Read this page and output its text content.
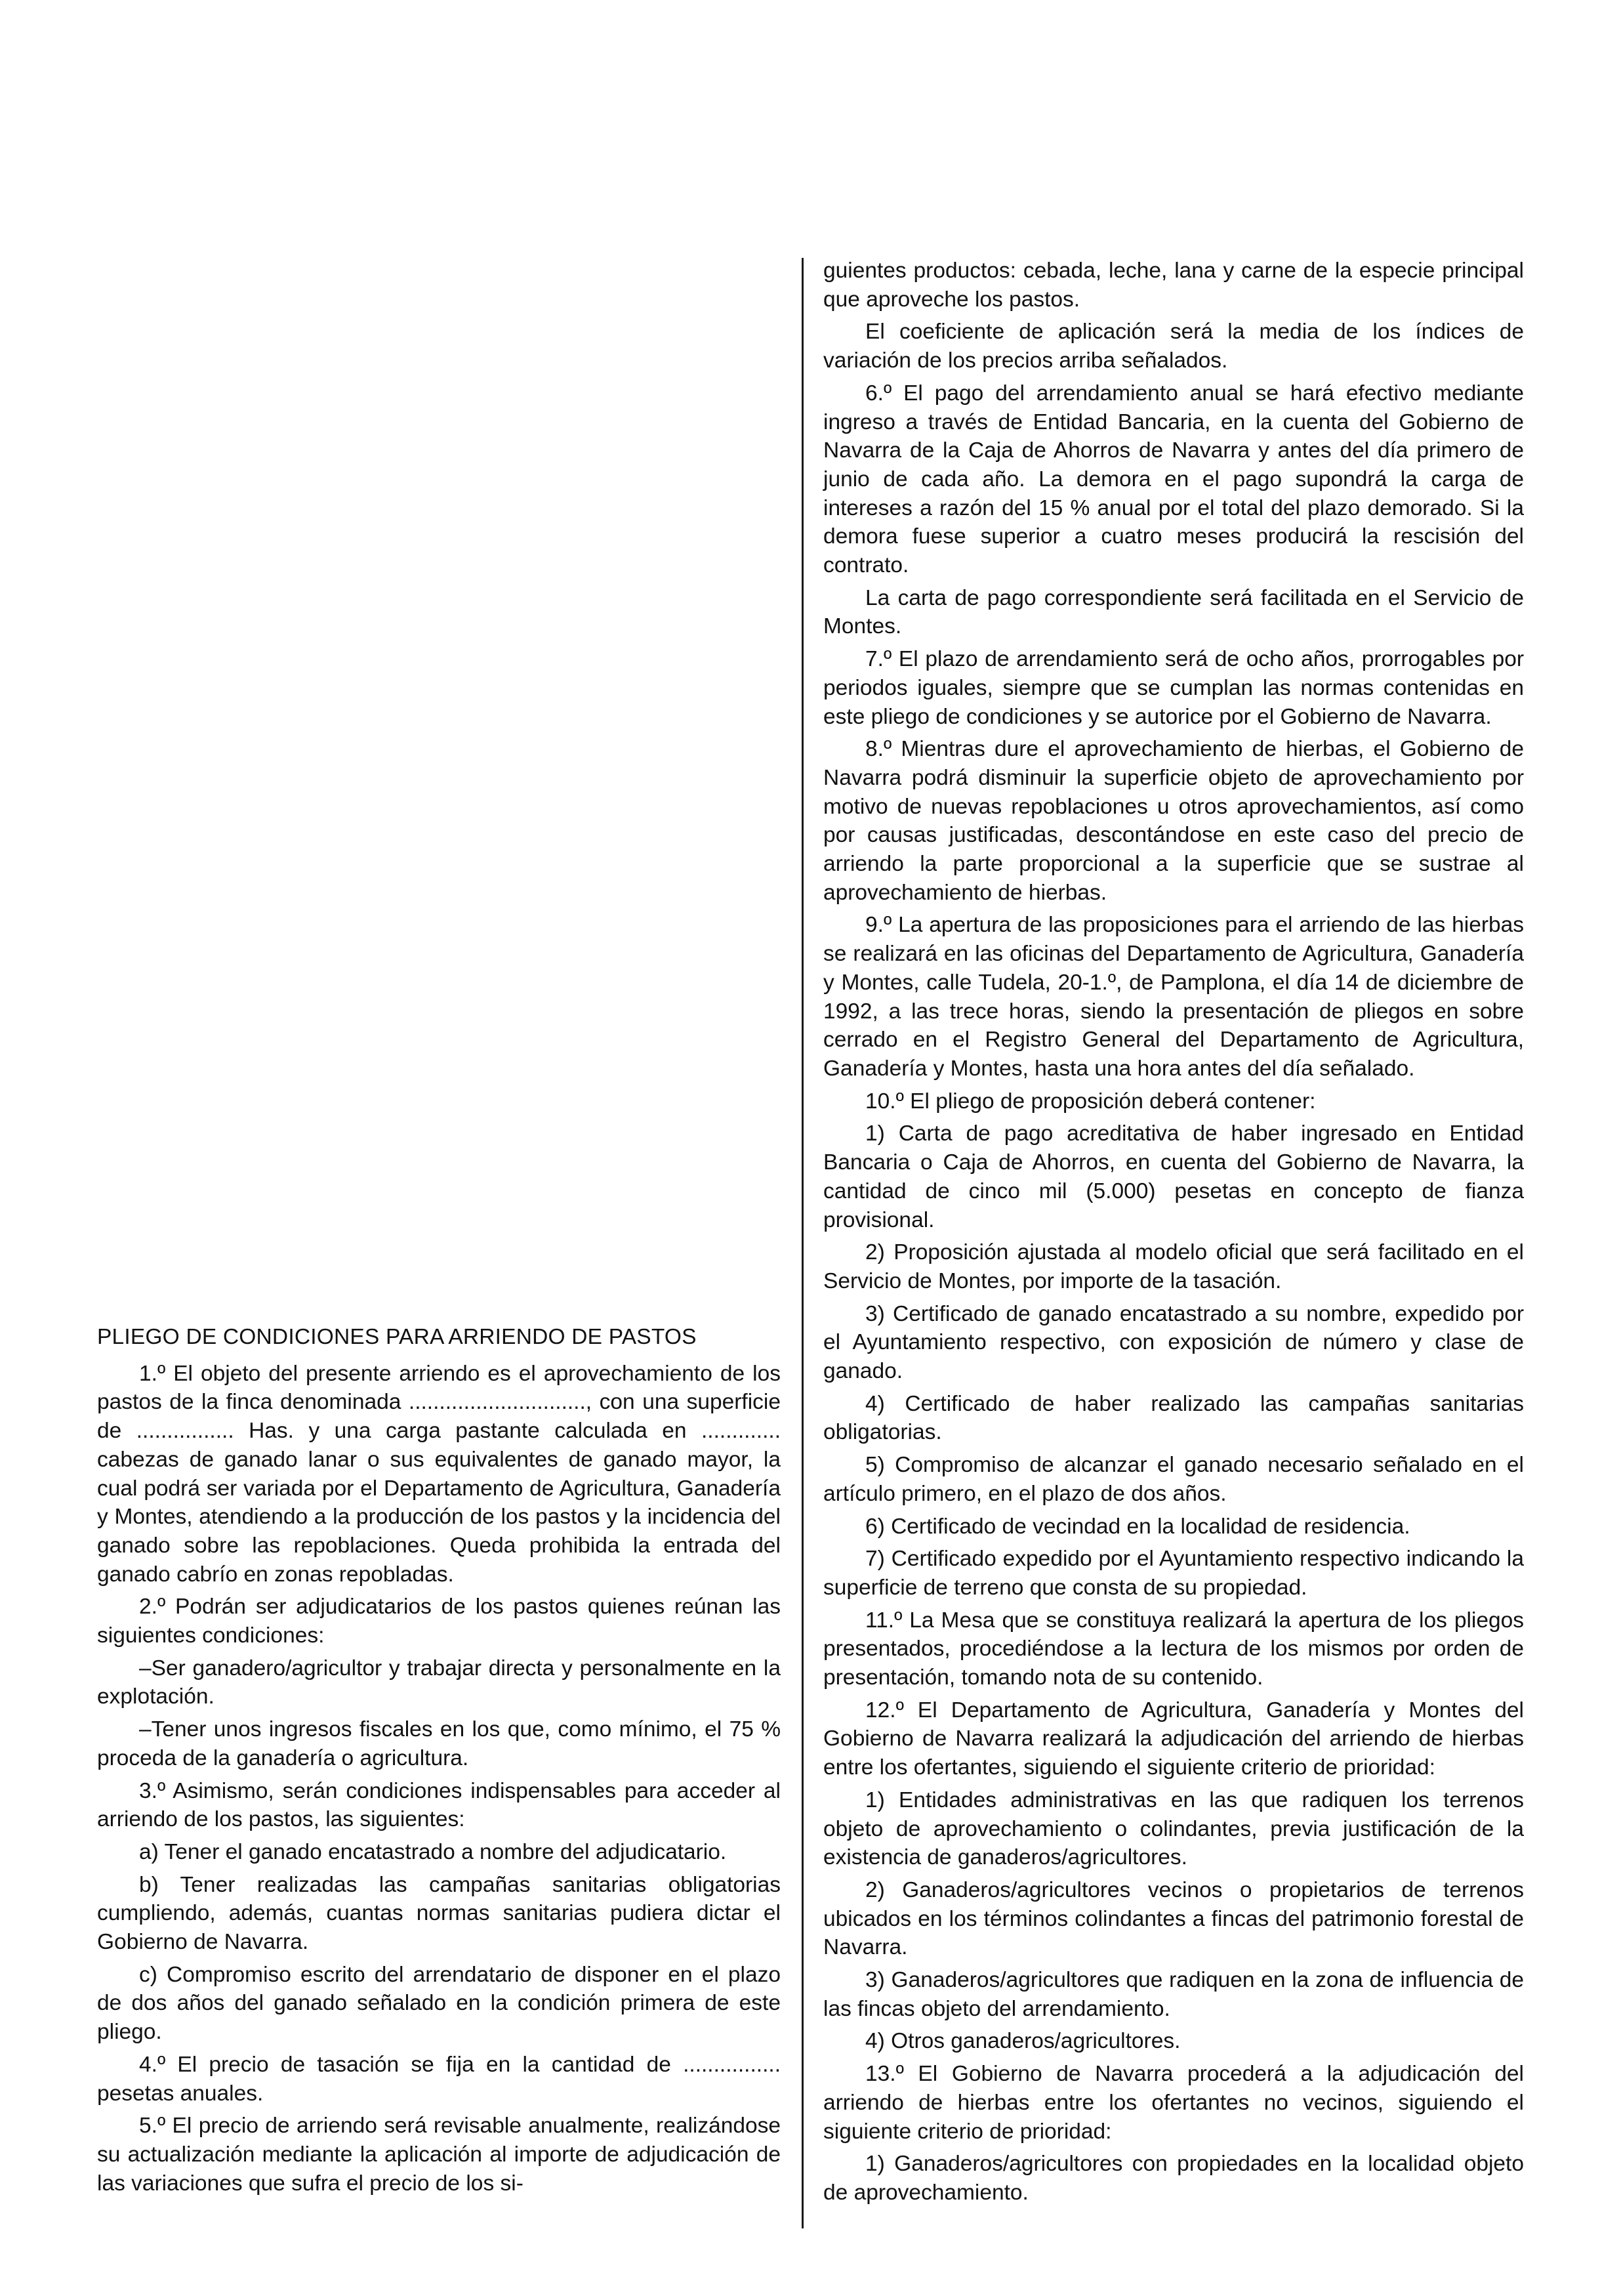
PLIEGO DE CONDICIONES PARA ARRIENDO DE PASTOS

1.º El objeto del presente arriendo es el aprovechamiento de los pastos de la finca denominada ............................., con una superficie de ................ Has. y una carga pastante calculada en ............. cabezas de ganado lanar o sus equivalentes de ganado mayor, la cual podrá ser variada por el Departamento de Agricultura, Ganadería y Montes, atendiendo a la producción de los pastos y la incidencia del ganado sobre las repoblaciones. Queda prohibida la entrada del ganado cabrío en zonas repobladas.

2.º Podrán ser adjudicatarios de los pastos quienes reúnan las siguientes condiciones:

–Ser ganadero/agricultor y trabajar directa y personalmente en la explotación.

–Tener unos ingresos fiscales en los que, como mínimo, el 75 % proceda de la ganadería o agricultura.

3.º Asimismo, serán condiciones indispensables para acceder al arriendo de los pastos, las siguientes:

a) Tener el ganado encatastrado a nombre del adjudicatario.

b) Tener realizadas las campañas sanitarias obligatorias cumpliendo, además, cuantas normas sanitarias pudiera dictar el Gobierno de Navarra.

c) Compromiso escrito del arrendatario de disponer en el plazo de dos años del ganado señalado en la condición primera de este pliego.

4.º El precio de tasación se fija en la cantidad de ................ pesetas anuales.

5.º El precio de arriendo será revisable anualmente, realizándose su actualización mediante la aplicación al importe de adjudicación de las variaciones que sufra el precio de los si-

guientes productos: cebada, leche, lana y carne de la especie principal que aproveche los pastos.

El coeficiente de aplicación será la media de los índices de variación de los precios arriba señalados.

6.º El pago del arrendamiento anual se hará efectivo mediante ingreso a través de Entidad Bancaria, en la cuenta del Gobierno de Navarra de la Caja de Ahorros de Navarra y antes del día primero de junio de cada año. La demora en el pago supondrá la carga de intereses a razón del 15 % anual por el total del plazo demorado. Si la demora fuese superior a cuatro meses producirá la rescisión del contrato.

La carta de pago correspondiente será facilitada en el Servicio de Montes.

7.º El plazo de arrendamiento será de ocho años, prorrogables por periodos iguales, siempre que se cumplan las normas contenidas en este pliego de condiciones y se autorice por el Gobierno de Navarra.

8.º Mientras dure el aprovechamiento de hierbas, el Gobierno de Navarra podrá disminuir la superficie objeto de aprovechamiento por motivo de nuevas repoblaciones u otros aprovechamientos, así como por causas justificadas, descontándose en este caso del precio de arriendo la parte proporcional a la superficie que se sustrae al aprovechamiento de hierbas.

9.º La apertura de las proposiciones para el arriendo de las hierbas se realizará en las oficinas del Departamento de Agricultura, Ganadería y Montes, calle Tudela, 20-1.º, de Pamplona, el día 14 de diciembre de 1992, a las trece horas, siendo la presentación de pliegos en sobre cerrado en el Registro General del Departamento de Agricultura, Ganadería y Montes, hasta una hora antes del día señalado.

10.º El pliego de proposición deberá contener:

1) Carta de pago acreditativa de haber ingresado en Entidad Bancaria o Caja de Ahorros, en cuenta del Gobierno de Navarra, la cantidad de cinco mil (5.000) pesetas en concepto de fianza provisional.

2) Proposición ajustada al modelo oficial que será facilitado en el Servicio de Montes, por importe de la tasación.

3) Certificado de ganado encatastrado a su nombre, expedido por el Ayuntamiento respectivo, con exposición de número y clase de ganado.

4) Certificado de haber realizado las campañas sanitarias obligatorias.

5) Compromiso de alcanzar el ganado necesario señalado en el artículo primero, en el plazo de dos años.

6) Certificado de vecindad en la localidad de residencia.

7) Certificado expedido por el Ayuntamiento respectivo indicando la superficie de terreno que consta de su propiedad.

11.º La Mesa que se constituya realizará la apertura de los pliegos presentados, procediéndose a la lectura de los mismos por orden de presentación, tomando nota de su contenido.

12.º El Departamento de Agricultura, Ganadería y Montes del Gobierno de Navarra realizará la adjudicación del arriendo de hierbas entre los ofertantes, siguiendo el siguiente criterio de prioridad:

1) Entidades administrativas en las que radiquen los terrenos objeto de aprovechamiento o colindantes, previa justificación de la existencia de ganaderos/agricultores.

2) Ganaderos/agricultores vecinos o propietarios de terrenos ubicados en los términos colindantes a fincas del patrimonio forestal de Navarra.

3) Ganaderos/agricultores que radiquen en la zona de influencia de las fincas objeto del arrendamiento.

4) Otros ganaderos/agricultores.

13.º El Gobierno de Navarra procederá a la adjudicación del arriendo de hierbas entre los ofertantes no vecinos, siguiendo el siguiente criterio de prioridad:

1) Ganaderos/agricultores con propiedades en la localidad objeto de aprovechamiento.
